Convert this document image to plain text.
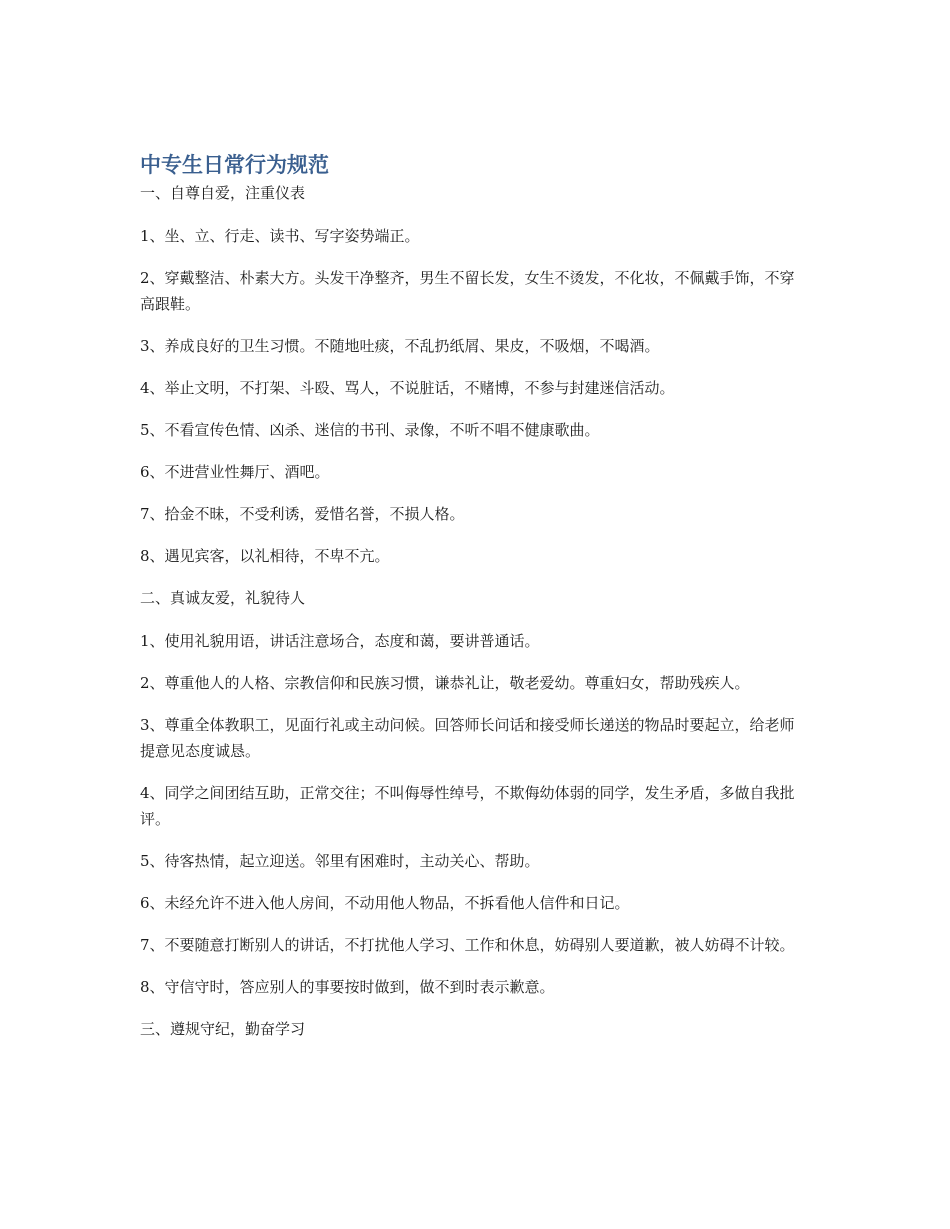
中专生日常行为规范

一、自尊自爱，注重仪表

1、坐、立、行走、读书、写字姿势端正。

2、穿戴整洁、朴素大方。头发干净整齐，男生不留长发，女生不烫发，不化妆，不佩戴手饰，不穿高跟鞋。

3、养成良好的卫生习惯。不随地吐痰，不乱扔纸屑、果皮，不吸烟，不喝酒。

4、举止文明，不打架、斗殴、骂人，不说脏话，不赌博，不参与封建迷信活动。

5、不看宣传色情、凶杀、迷信的书刊、录像，不听不唱不健康歌曲。

6、不进营业性舞厅、酒吧。

7、拾金不昧，不受利诱，爱惜名誉，不损人格。

8、遇见宾客，以礼相待，不卑不亢。

二、真诚友爱，礼貌待人

1、使用礼貌用语，讲话注意场合，态度和蔼，要讲普通话。

2、尊重他人的人格、宗教信仰和民族习惯，谦恭礼让，敬老爱幼。尊重妇女，帮助残疾人。

3、尊重全体教职工，见面行礼或主动问候。回答师长问话和接受师长递送的物品时要起立，给老师提意见态度诚恳。

4、同学之间团结互助，正常交往；不叫侮辱性绰号，不欺侮幼体弱的同学，发生矛盾，多做自我批评。

5、待客热情，起立迎送。邻里有困难时，主动关心、帮助。

6、未经允许不进入他人房间，不动用他人物品，不拆看他人信件和日记。

7、不要随意打断别人的讲话，不打扰他人学习、工作和休息，妨碍别人要道歉，被人妨碍不计较。

8、守信守时，答应别人的事要按时做到，做不到时表示歉意。

三、遵规守纪，勤奋学习
